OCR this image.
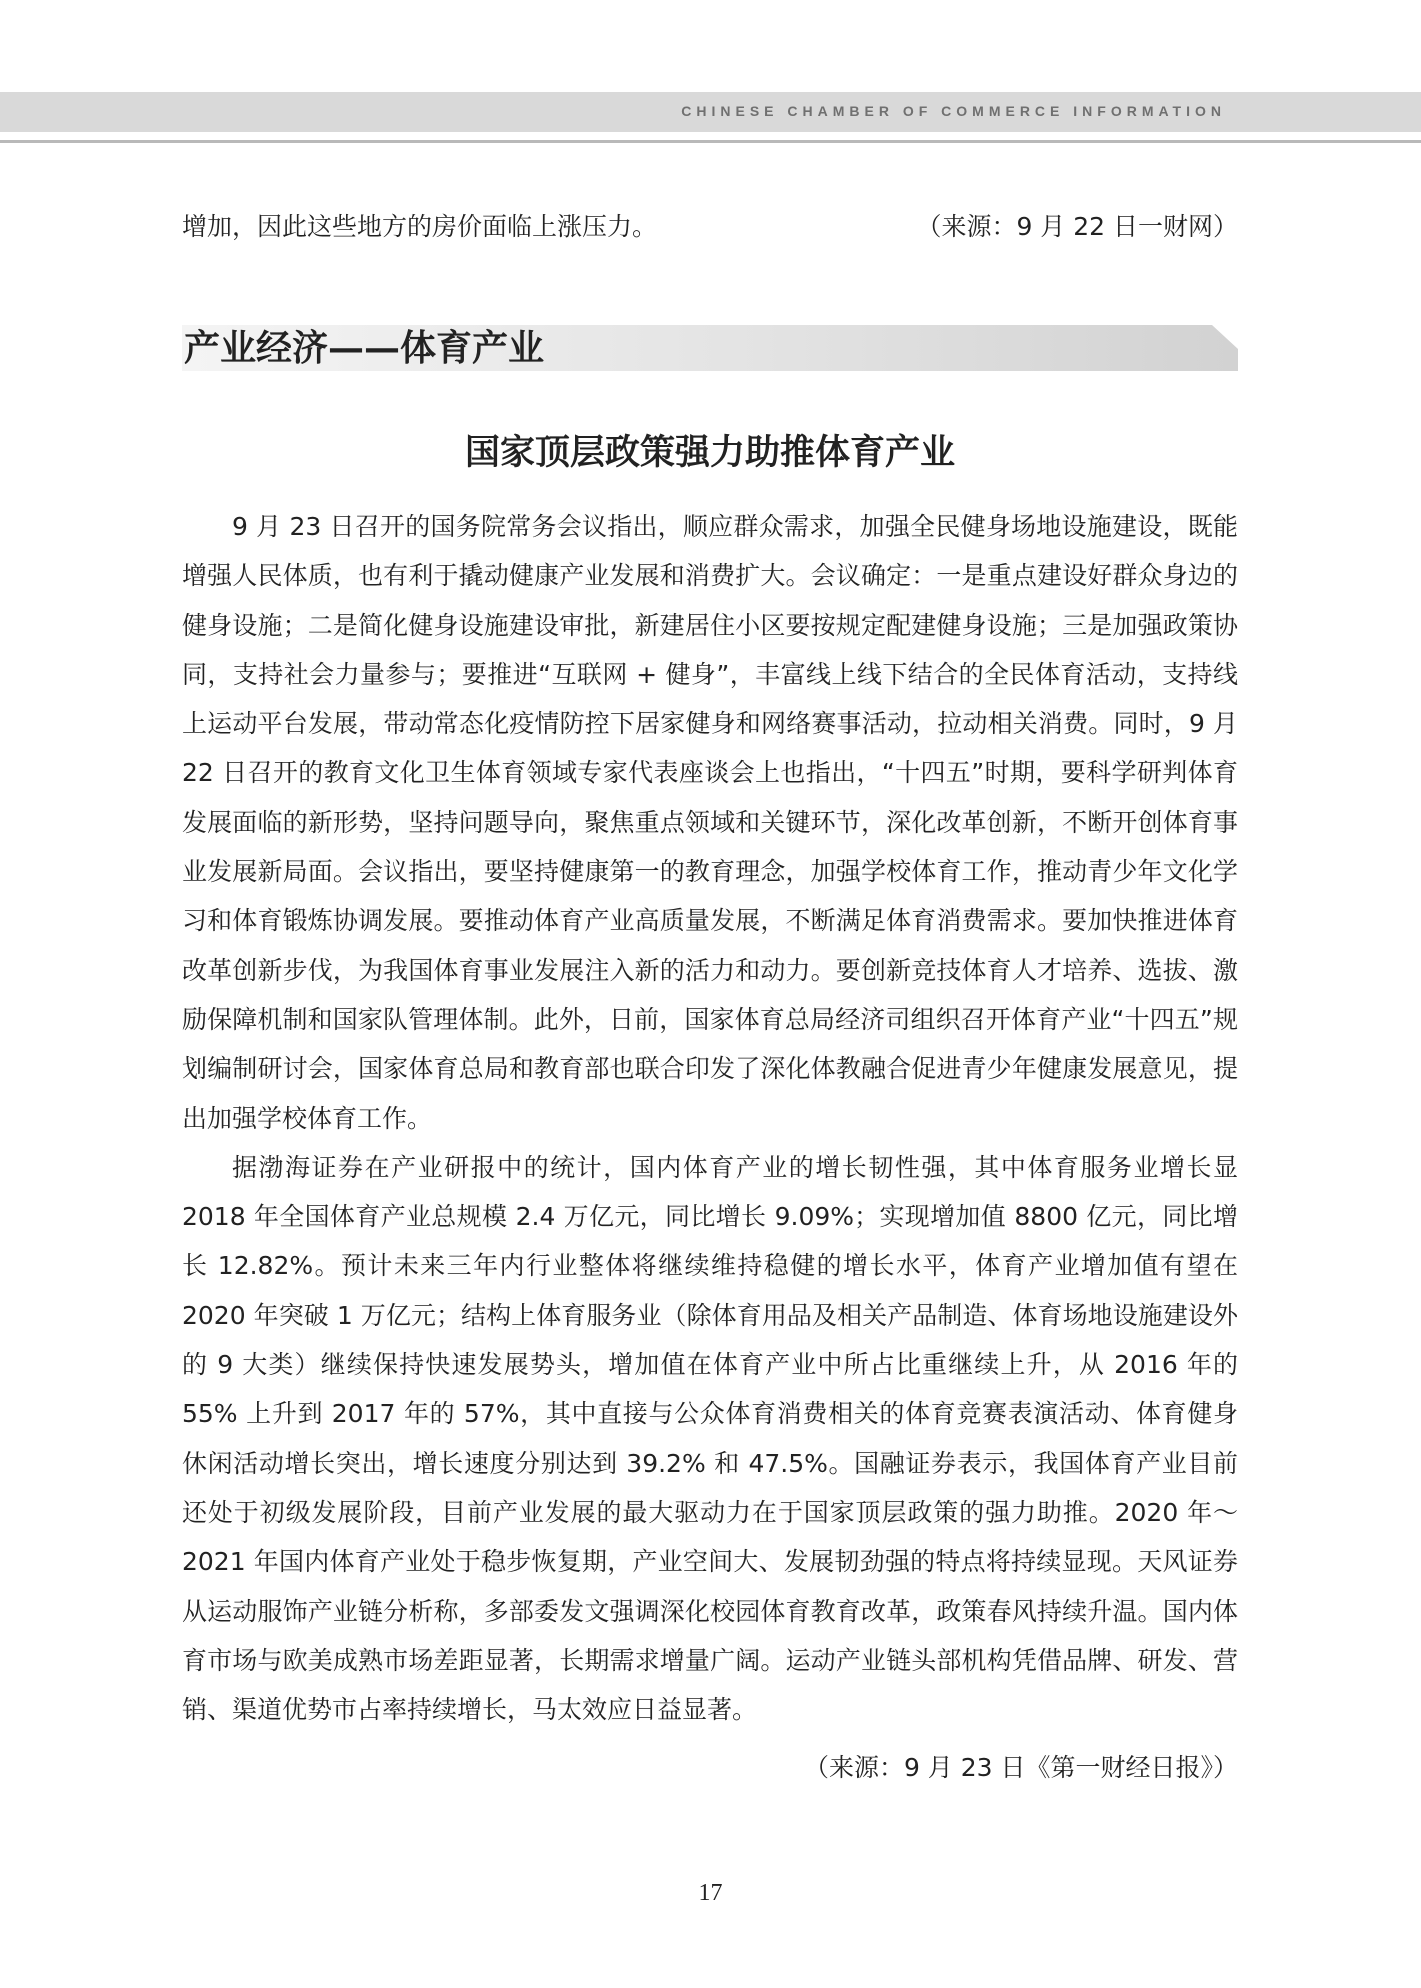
CHINESE CHAMBER OF COMMERCE INFORMATION
增加，因此这些地方的房价面临上涨压力。	（来源：9 月 22 日一财网）
产业经济——体育产业
国家顶层政策强力助推体育产业

9 月 23 日召开的国务院常务会议指出，顺应群众需求，加强全民健身场地设施建设，既能增强人民体质，也有利于撬动健康产业发展和消费扩大。会议确定：一是重点建设好群众身边的健身设施；二是简化健身设施建设审批，新建居住小区要按规定配建健身设施；三是加强政策协同，支持社会力量参与；要推进“互联网 + 健身”，丰富线上线下结合的全民体育活动，支持线上运动平台发展，带动常态化疫情防控下居家健身和网络赛事活动，拉动相关消费。同时，9 月 22 日召开的教育文化卫生体育领域专家代表座谈会上也指出，“十四五”时期，要科学研判体育发展面临的新形势，坚持问题导向，聚焦重点领域和关键环节，深化改革创新，不断开创体育事业发展新局面。会议指出，要坚持健康第一的教育理念，加强学校体育工作，推动青少年文化学习和体育锻炼协调发展。要推动体育产业高质量发展，不断满足体育消费需求。要加快推进体育改革创新步伐，为我国体育事业发展注入新的活力和动力。要创新竞技体育人才培养、选拔、激励保障机制和国家队管理体制。此外，日前，国家体育总局经济司组织召开体育产业“十四五”规划编制研讨会，国家体育总局和教育部也联合印发了深化体教融合促进青少年健康发展意见，提出加强学校体育工作。

据渤海证券在产业研报中的统计，国内体育产业的增长韧性强，其中体育服务业增长显 2018 年全国体育产业总规模 2.4 万亿元，同比增长 9.09%；实现增加值 8800 亿元，同比增长 12.82%。预计未来三年内行业整体将继续维持稳健的增长水平，体育产业增加值有望在 2020 年突破 1 万亿元；结构上体育服务业（除体育用品及相关产品制造、体育场地设施建设外的 9 大类）继续保持快速发展势头，增加值在体育产业中所占比重继续上升，从 2016 年的 55% 上升到 2017 年的 57%，其中直接与公众体育消费相关的体育竞赛表演活动、体育健身休闲活动增长突出，增长速度分别达到 39.2% 和 47.5%。国融证券表示，我国体育产业目前还处于初级发展阶段，目前产业发展的最大驱动力在于国家顶层政策的强力助推。2020 年～ 2021 年国内体育产业处于稳步恢复期，产业空间大、发展韧劲强的特点将持续显现。天风证券从运动服饰产业链分析称，多部委发文强调深化校园体育教育改革，政策春风持续升温。国内体育市场与欧美成熟市场差距显著，长期需求增量广阔。运动产业链头部机构凭借品牌、研发、营销、渠道优势市占率持续增长，马太效应日益显著。

（来源：9 月 23 日《第一财经日报》）
17
